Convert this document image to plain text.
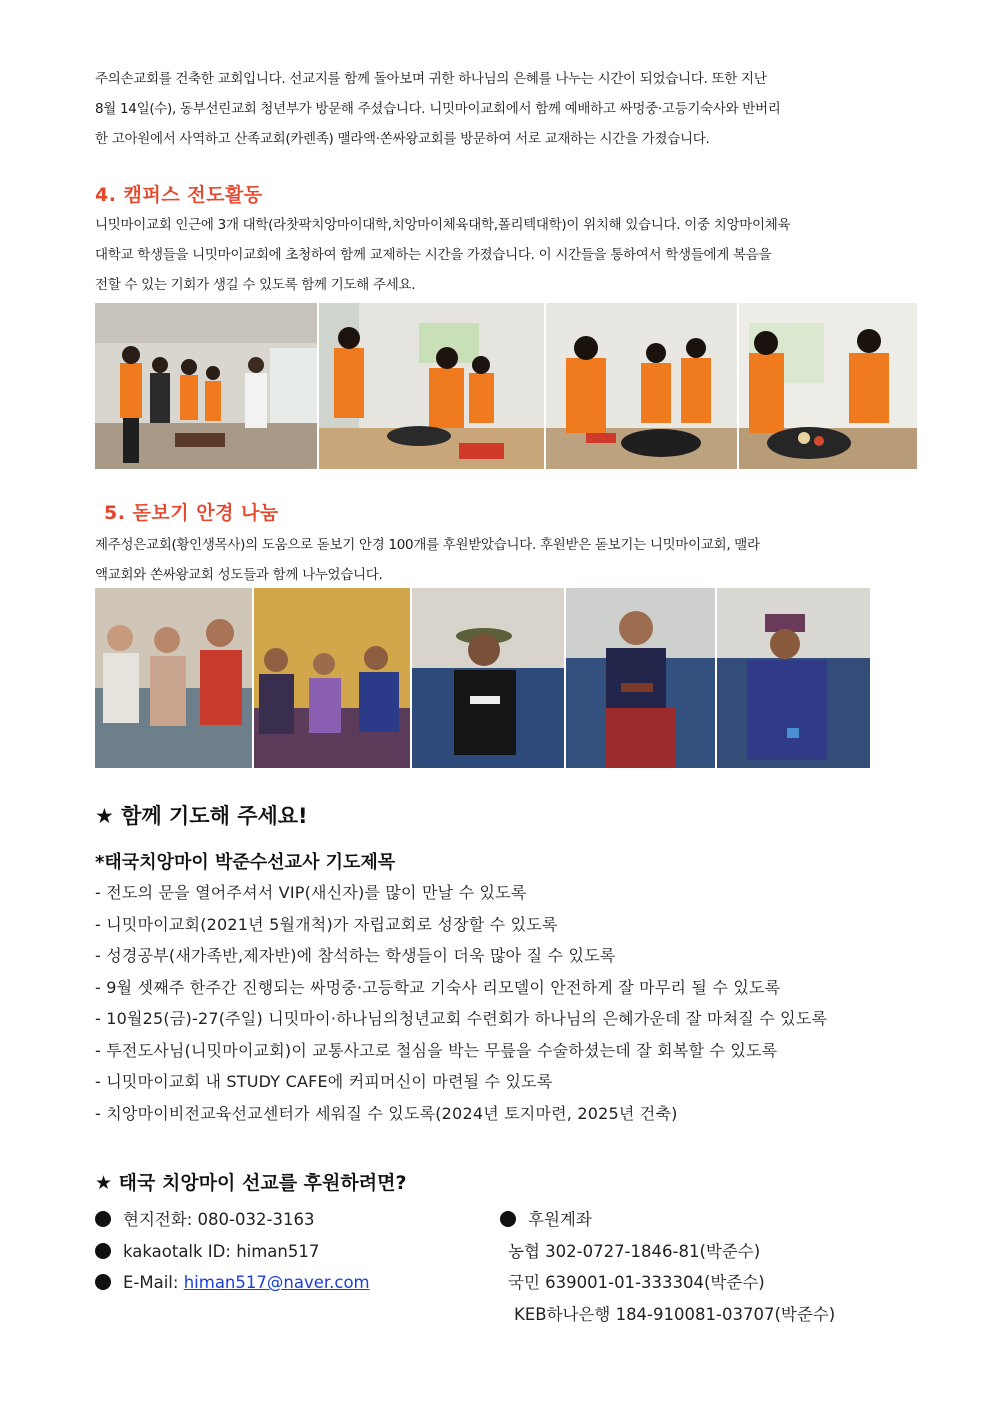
주의손교회를 건축한 교회입니다. 선교지를 함께 돌아보며 귀한 하나님의 은혜를 나누는 시간이 되었습니다. 또한 지난
8월 14일(수), 동부선린교회 청년부가 방문해 주셨습니다. 니밋마이교회에서 함께 예배하고 싸멍중·고등기숙사와 반버리
한 고아원에서 사역하고 산족교회(카렌족) 맬라액·쏜싸왕교회를 방문하여 서로 교재하는 시간을 가졌습니다.
4. 캠퍼스 전도활동
니밋마이교회 인근에 3개 대학(라찻팍치앙마이대학,치앙마이체육대학,폴리텍대학)이 위치해 있습니다. 이중 치앙마이체육
대학교 학생들을 니밋마이교회에 초청하여 함께 교제하는 시간을 가졌습니다. 이 시간들을 통하여서 학생들에게 복음을
전할 수 있는 기회가 생길 수 있도록 함께 기도해 주세요.
5. 돋보기 안경 나눔
제주성은교회(황인생목사)의 도움으로 돋보기 안경 100개를 후원받았습니다. 후원받은 돋보기는 니밋마이교회, 맬라
액교회와 쏜싸왕교회 성도들과 함께 나누었습니다.
★ 함께 기도해 주세요!
*태국치앙마이 박준수선교사 기도제목
- 전도의 문을 열어주셔서 VIP(새신자)를 많이 만날 수 있도록
- 니밋마이교회(2021년 5월개척)가 자립교회로 성장할 수 있도록
- 성경공부(새가족반,제자반)에 참석하는 학생들이 더욱 많아 질 수 있도록
- 9월 셋째주 한주간 진행되는 싸멍중·고등학교 기숙사 리모델이 안전하게 잘 마무리 될 수 있도록
- 10월25(금)-27(주일) 니밋마이·하나님의청년교회 수련회가 하나님의 은혜가운데 잘 마쳐질 수 있도록
- 투전도사님(니밋마이교회)이 교통사고로 철심을 박는 무릎을 수술하셨는데 잘 회복할 수 있도록
- 니밋마이교회 내 STUDY CAFE에 커피머신이 마련될 수 있도록
- 치앙마이비전교육선교센터가 세워질 수 있도록(2024년 토지마련, 2025년 건축)
★ 태국 치앙마이 선교를 후원하려면?
현지전화: 080-032-3163
kakaotalk ID: himan517
E-Mail: himan517@naver.com
후원계좌
농협 302-0727-1846-81(박준수)
국민 639001-01-333304(박준수)
KEB하나은행 184-910081-03707(박준수)
